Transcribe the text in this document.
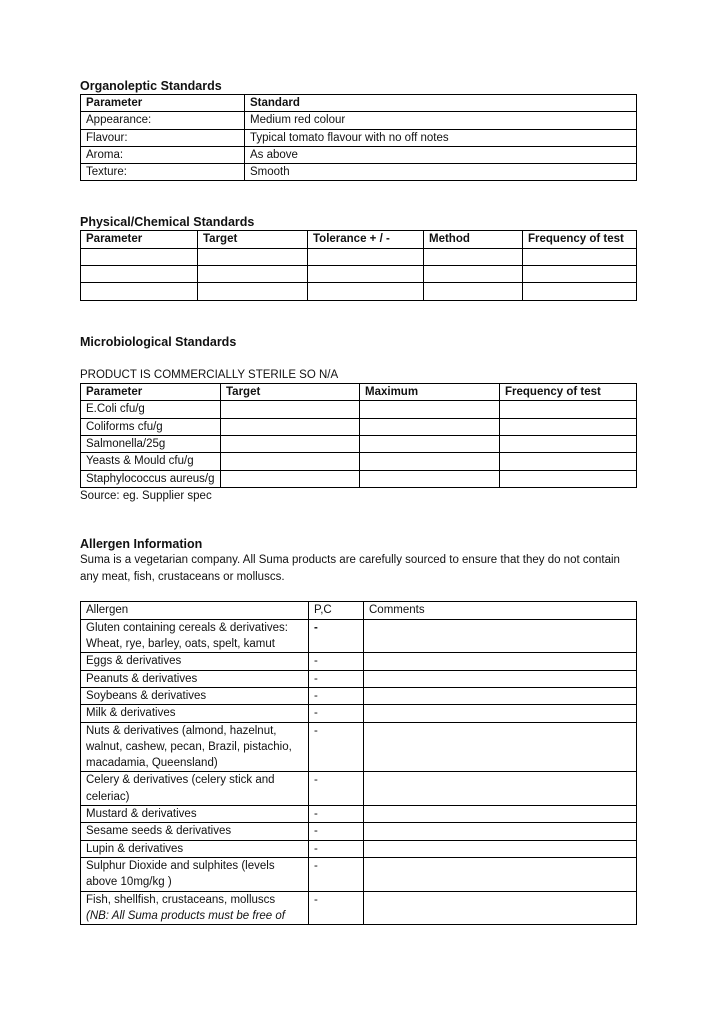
Organoleptic Standards
Parameter	Standard
Appearance:	Medium red colour
Flavour:	Typical tomato flavour with no off notes
Aroma:	As above
Texture:	Smooth
Physical/Chemical Standards
Parameter	Target	Tolerance + / -	Method	Frequency of test

Microbiological Standards

PRODUCT IS COMMERCIALLY STERILE SO N/A

Parameter	Target	Maximum	Frequency of test
E.Coli cfu/g			
Coliforms cfu/g			
Salmonella/25g			
Yeasts & Mould cfu/g			
Staphylococcus aureus/g			

Source: eg. Supplier spec

Allergen Information

Suma is a vegetarian company. All Suma products are carefully sourced to ensure that they do not contain any meat, fish, crustaceans or molluscs.

Allergen	P,C	Comments
Gluten containing cereals & derivatives: Wheat, rye, barley, oats, spelt, kamut	-	
Eggs & derivatives	-	
Peanuts & derivatives	-	
Soybeans & derivatives	-	
Milk & derivatives	-	
Nuts & derivatives (almond, hazelnut, walnut, cashew, pecan, Brazil, pistachio, macadamia, Queensland)	-	
Celery & derivatives (celery stick and celeriac)	-	
Mustard & derivatives	-	
Sesame seeds & derivatives	-	
Lupin & derivatives	-	
Sulphur Dioxide and sulphites (levels above 10mg/kg )	-	
Fish, shellfish, crustaceans, molluscs
(NB: All Suma products must be free of	-	
